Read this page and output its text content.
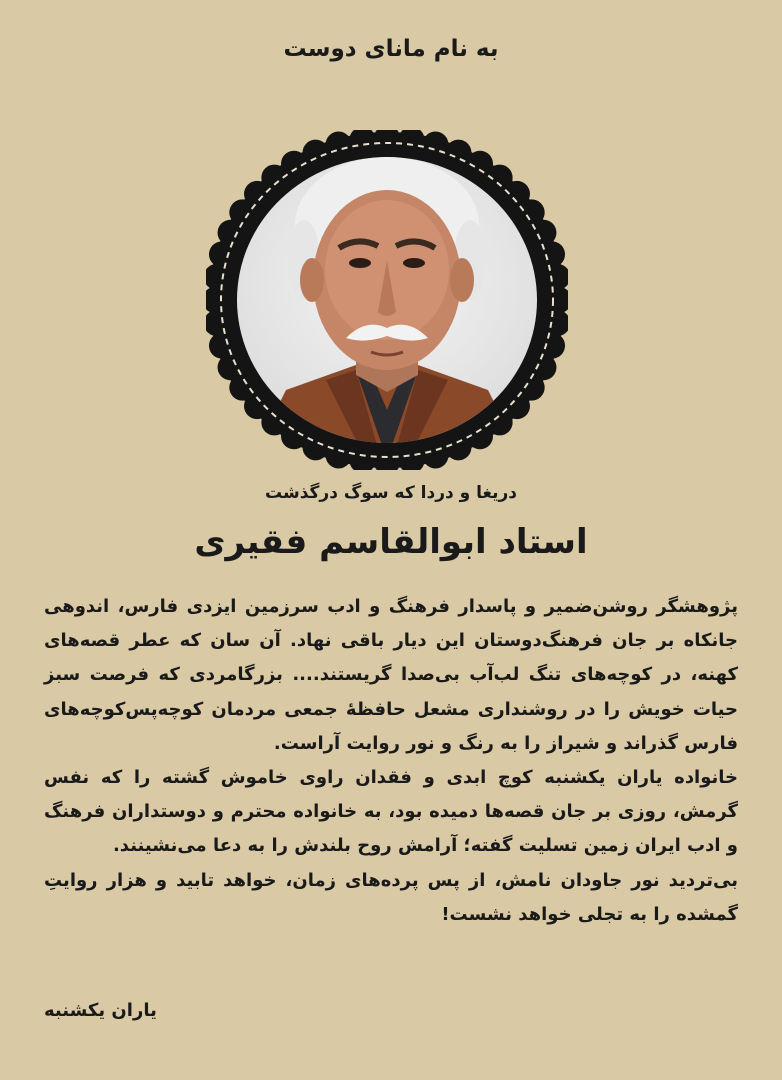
به نام مانای دوست
دریغا و دردا که سوگ درگذشت
استاد ابوالقاسم فقیری

پژوهشگر روشن‌ضمیر و پاسدار فرهنگ و ادب سرزمین ایزدی فارس، اندوهی جانکاه بر جان فرهنگ‌دوستان این دیار باقی نهاد. آن سان که عطر قصه‌های کهنه، در کوچه‌های تنگ لب‌آب بی‌صدا گریستند.... بزرگامردی که فرصت سبز حیات خویش را در روشنداری مشعل حافظهٔ جمعی مردمان کوچه‌پس‌کوچه‌های فارس گذراند و شیراز را به رنگ و نور روایت آراست.

خانواده یاران یکشنبه کوچ ابدی و فقدان راوی خاموش گشته را که نفس گرمش، روزی بر جان قصه‌ها دمیده بود، به خانواده محترم و دوستداران فرهنگ و ادب ایران زمین تسلیت گفته؛ آرامش روح بلندش را به دعا می‌نشینند.

بی‌تردید نور جاودان نامش، از پس پرده‌های زمان، خواهد تابید و هزار روایتِ گمشده را به تجلی خواهد نشست!

یاران یکشنبه
